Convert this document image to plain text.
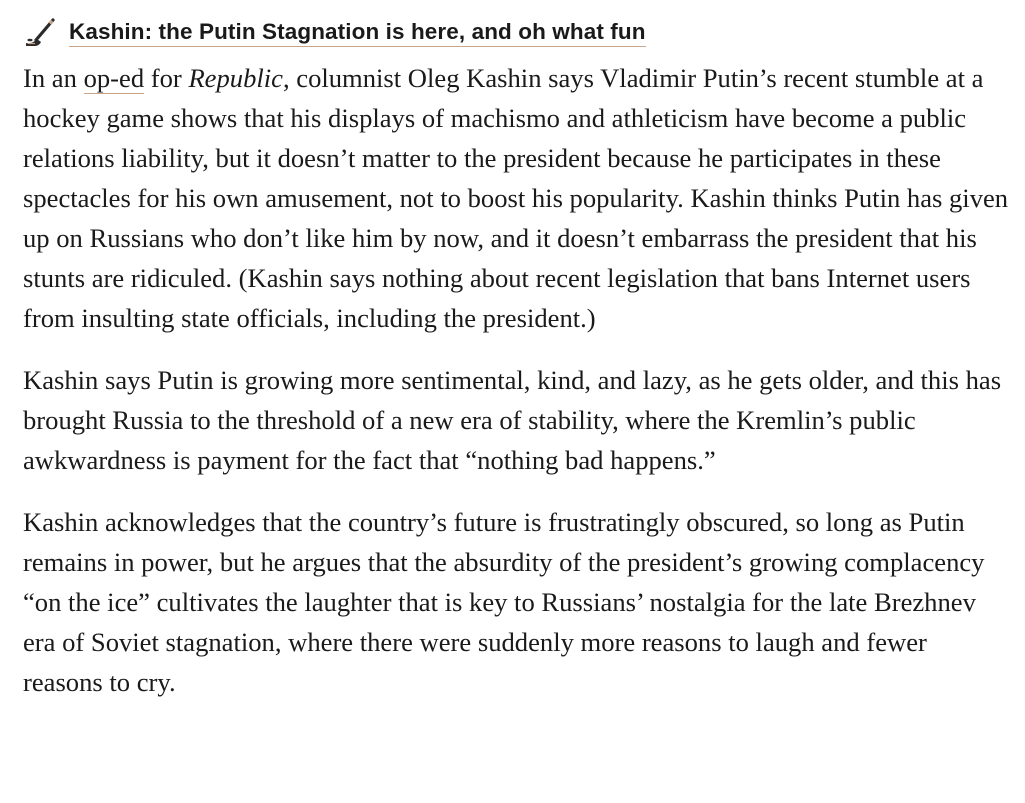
Kashin: the Putin Stagnation is here, and oh what fun

In an op-ed for Republic, columnist Oleg Kashin says Vladimir Putin’s recent stumble at a hockey game shows that his displays of machismo and athleticism have become a public relations liability, but it doesn’t matter to the president because he participates in these spectacles for his own amusement, not to boost his popularity. Kashin thinks Putin has given up on Russians who don’t like him by now, and it doesn’t embarrass the president that his stunts are ridiculed. (Kashin says nothing about recent legislation that bans Internet users from insulting state officials, including the president.)

Kashin says Putin is growing more sentimental, kind, and lazy, as he gets older, and this has brought Russia to the threshold of a new era of stability, where the Kremlin’s public awkwardness is payment for the fact that “nothing bad happens.”

Kashin acknowledges that the country’s future is frustratingly obscured, so long as Putin remains in power, but he argues that the absurdity of the president’s growing complacency “on the ice” cultivates the laughter that is key to Russians’ nostalgia for the late Brezhnev era of Soviet stagnation, where there were suddenly more reasons to laugh and fewer reasons to cry.
